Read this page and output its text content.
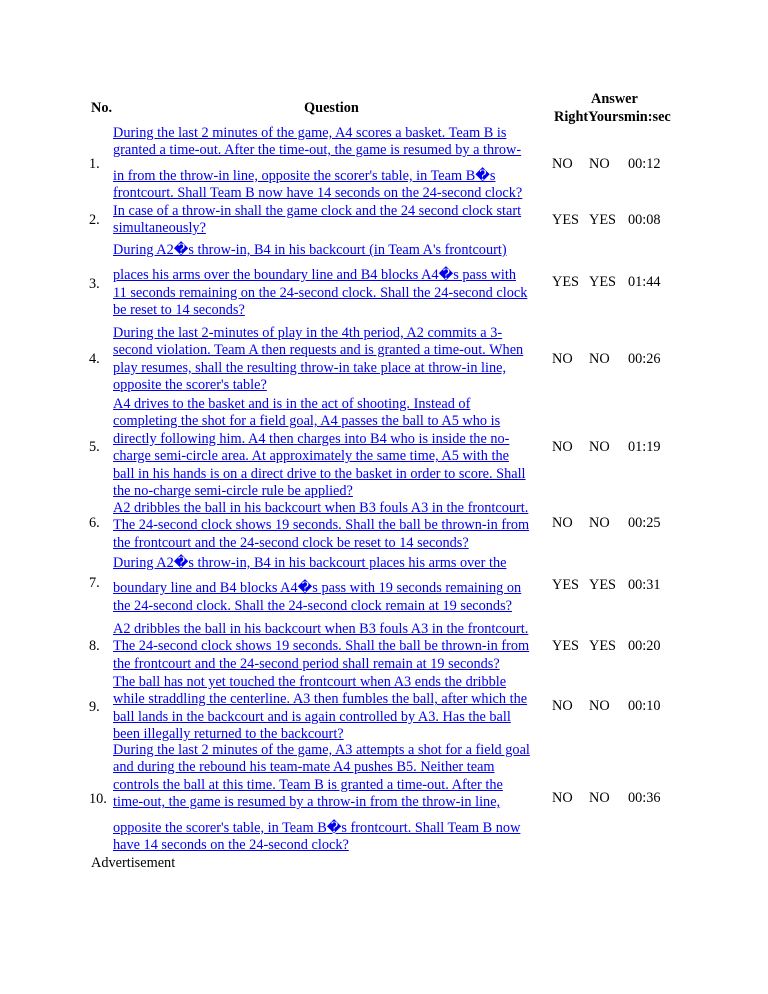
No.	Question
Answer
RightYoursmin:sec
1.
During the last 2 minutes of the game, A4 scores a basket. Team B is
granted a time-out. After the time-out, the game is resumed by a throw-
in from the throw-in line, opposite the scorer's table, in Team B�s
frontcourt. Shall Team B now have 14 seconds on the 24-second clock?
NO NO 00:12
2.
In case of a throw-in shall the game clock and the 24 second clock start
simultaneously?
YES YES 00:08
3.
During A2�s throw-in, B4 in his backcourt (in Team A's frontcourt)
places his arms over the boundary line and B4 blocks A4�s pass with
11 seconds remaining on the 24-second clock. Shall the 24-second clock
be reset to 14 seconds?
YES YES 01:44
4.
During the last 2-minutes of play in the 4th period, A2 commits a 3-
second violation. Team A then requests and is granted a time-out. When
play resumes, shall the resulting throw-in take place at throw-in line,
opposite the scorer's table?
NO NO 00:26
5.
A4 drives to the basket and is in the act of shooting. Instead of
completing the shot for a field goal, A4 passes the ball to A5 who is
directly following him. A4 then charges into B4 who is inside the no-
charge semi-circle area. At approximately the same time, A5 with the
ball in his hands is on a direct drive to the basket in order to score. Shall
the no-charge semi-circle rule be applied?
NO NO 01:19
6.
A2 dribbles the ball in his backcourt when B3 fouls A3 in the frontcourt.
The 24-second clock shows 19 seconds. Shall the ball be thrown-in from
the frontcourt and the 24-second clock be reset to 14 seconds?
NO NO 00:25
7.
During A2�s throw-in, B4 in his backcourt places his arms over the
boundary line and B4 blocks A4�s pass with 19 seconds remaining on
the 24-second clock. Shall the 24-second clock remain at 19 seconds?
YES YES 00:31
8.
A2 dribbles the ball in his backcourt when B3 fouls A3 in the frontcourt.
The 24-second clock shows 19 seconds. Shall the ball be thrown-in from
the frontcourt and the 24-second period shall remain at 19 seconds?
YES YES 00:20
9.
The ball has not yet touched the frontcourt when A3 ends the dribble
while straddling the centerline. A3 then fumbles the ball, after which the
ball lands in the backcourt and is again controlled by A3. Has the ball
been illegally returned to the backcourt?
NO NO 00:10
10.
During the last 2 minutes of the game, A3 attempts a shot for a field goal
and during the rebound his team-mate A4 pushes B5. Neither team
controls the ball at this time. Team B is granted a time-out. After the
time-out, the game is resumed by a throw-in from the throw-in line,
opposite the scorer's table, in Team B�s frontcourt. Shall Team B now
have 14 seconds on the 24-second clock?
NO NO 00:36
Advertisement
